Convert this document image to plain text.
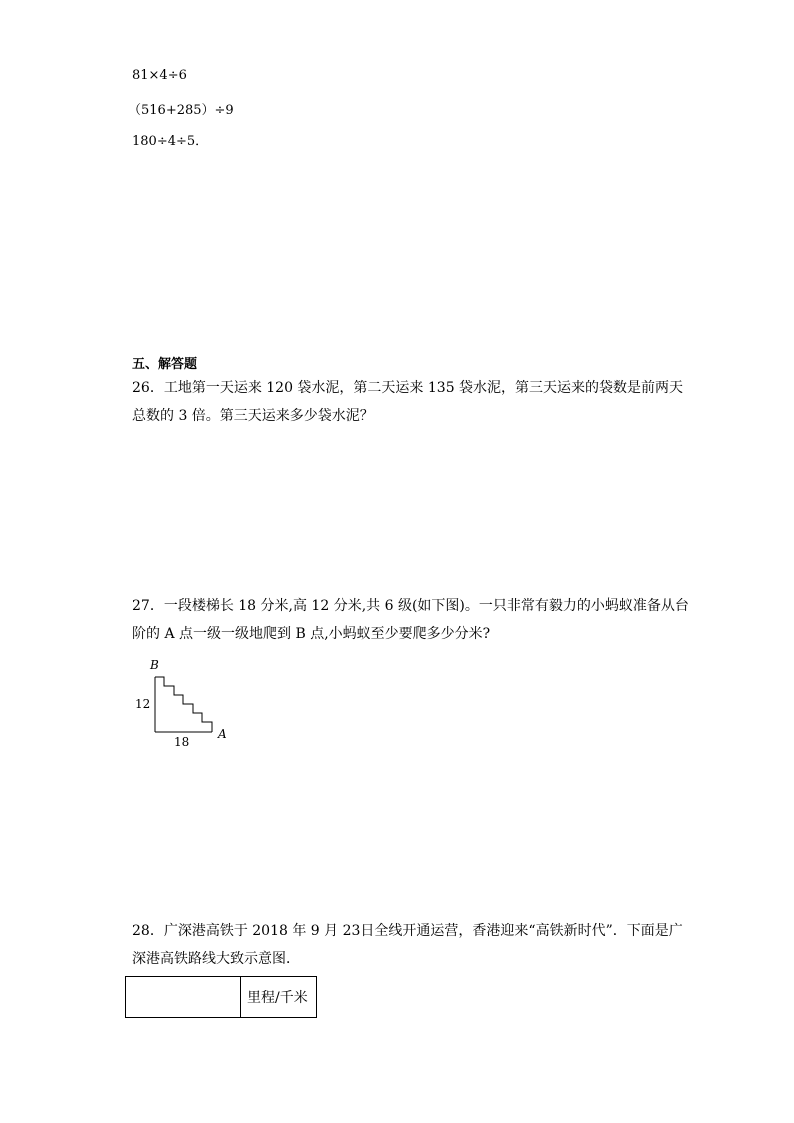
81×4÷6
（516+285）÷9
180÷4÷5．
五、解答题
26．工地第一天运来 120 袋水泥，第二天运来 135 袋水泥，第三天运来的袋数是前两天
总数的 3 倍。第三天运来多少袋水泥？
27．一段楼梯长 18 分米,高 12 分米,共 6 级(如下图)。一只非常有毅力的小蚂蚁准备从台
阶的 A 点一级一级地爬到 B 点,小蚂蚁至少要爬多少分米?
B
12
18
A
28．广深港高铁于 2018 年 9 月 23日全线开通运营，香港迎来“高铁新时代”．下面是广
深港高铁路线大致示意图．
	里程/千米
